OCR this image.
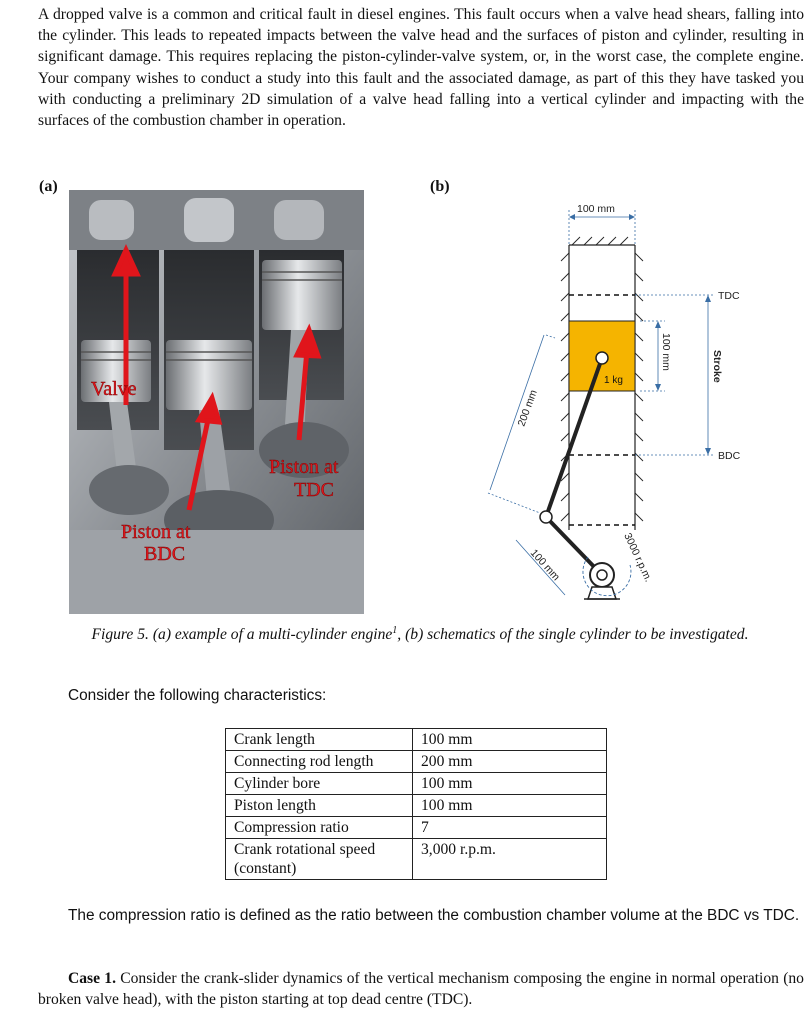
A dropped valve is a common and critical fault in diesel engines. This fault occurs when a valve head shears, falling into the cylinder. This leads to repeated impacts between the valve head and the surfaces of piston and cylinder, resulting in significant damage. This requires replacing the piston-cylinder-valve system, or, in the worst case, the complete engine. Your company wishes to conduct a study into this fault and the associated damage, as part of this they have tasked you with conducting a preliminary 2D simulation of a valve head falling into a vertical cylinder and impacting with the surfaces of the combustion chamber in operation.

(a)	(b)
Valve
Piston at
TDC
Piston at
BDC
100 mm
TDC
BDC
Stroke
100 mm
1 kg
200 mm
100 mm	3000 r.p.m.
Figure 5. (a) example of a multi-cylinder engine$^1$, (b) schematics of the single cylinder to be investigated.
Consider the following characteristics:
Crank length	100 mm
Connecting rod length	200 mm
Cylinder bore	100 mm
Piston length	100 mm
Compression ratio	7
Crank rotational speed (constant)	3,000 r.p.m.
The compression ratio is defined as the ratio between the combustion chamber volume at the BDC vs TDC.
Case 1. Consider the crank-slider dynamics of the vertical mechanism composing the engine in normal operation (no broken valve head), with the piston starting at top dead centre (TDC).
